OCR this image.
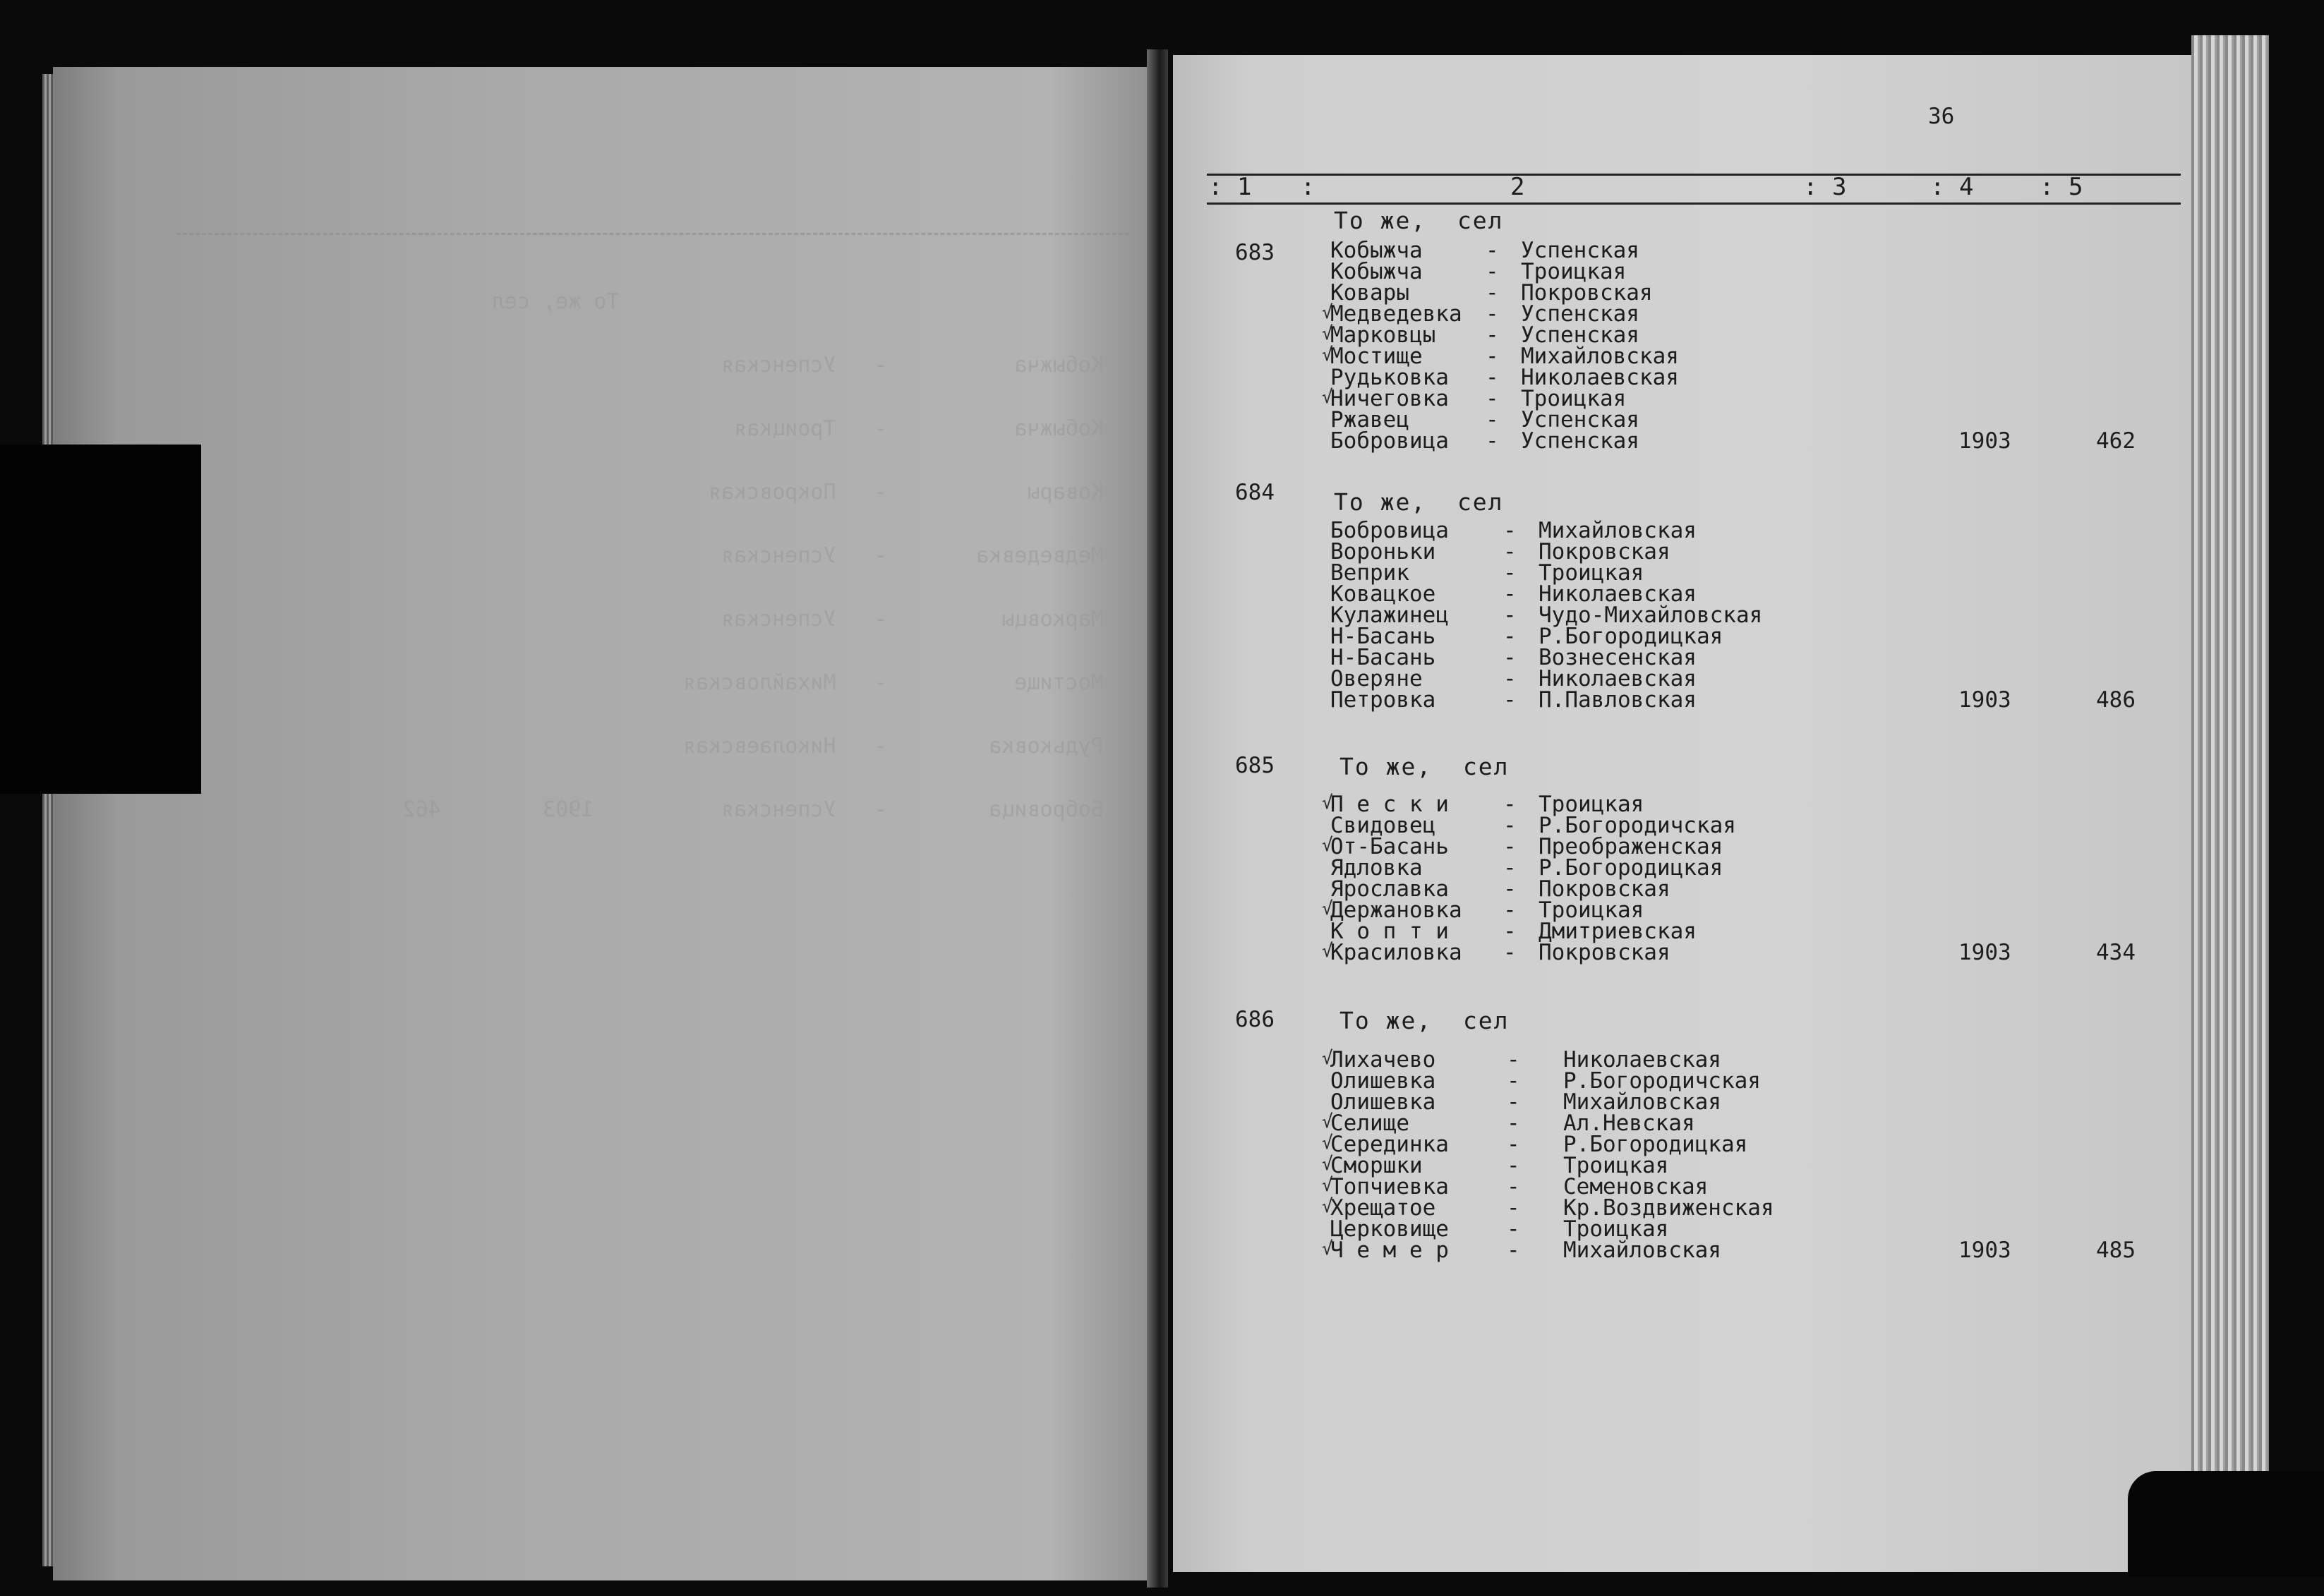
То же, сел

Кобыжча          -   Успенская

Кобыжча          -   Троицкая

Ковары           -   Покровская

Медведевка       -   Успенская

Марковцы         -   Успенская

Мостище          -   Михайловская

Рудьковка        -   Николаевская

Бобровица        -   Успенская          1903        462

36
: 1 :	2	: 3	: 4	: 5
То же,  сел
683	Кобыжча	- Успенская
Кобыжча	- Троицкая
Ковары	- Покровская
√
Медведевка - Успенская
√
Марковцы - Успенская
√
Мостище	- Михайловская
Рудьковка - Николаевская
√
Ничеговка - Троицкая
Ржавец	- Успенская
Бобровица - Успенская	1903	462
684	То же,  сел
Бобровица - Михайловская
Вороньки	- Покровская
Веприк	- Троицкая
Ковацкое	- Николаевская
Кулажинец - Чудо-Михайловская
Н-Басань	- Р.Богородицкая
Н-Басань	- Вознесенская
Оверяне	- Николаевская
Петровка	- П.Павловская	1903	486
685	То же,  сел
√
П е с к и - Троицкая
Свидовец	- Р.Богородичская
√
От-Басань - Преображенская
Ядловка	- Р.Богородицкая
Ярославка - Покровская
√
Держановка - Троицкая
К о п т и - Дмитриевская
√
Красиловка - Покровская	1903	434
686	То же,  сел
√
Лихачево	- Николаевская
Олишевка	- Р.Богородичская
Олишевка	- Михайловская
√
Селище	- Ал.Невская
√
Серединка	- Р.Богородицкая
√
Сморшки	- Троицкая
√
Топчиевка	- Семеновская
√
Хрещатое	- Кр.Воздвиженская
Церковище	- Троицкая
√
Ч е м е р	- Михайловская	1903	485
